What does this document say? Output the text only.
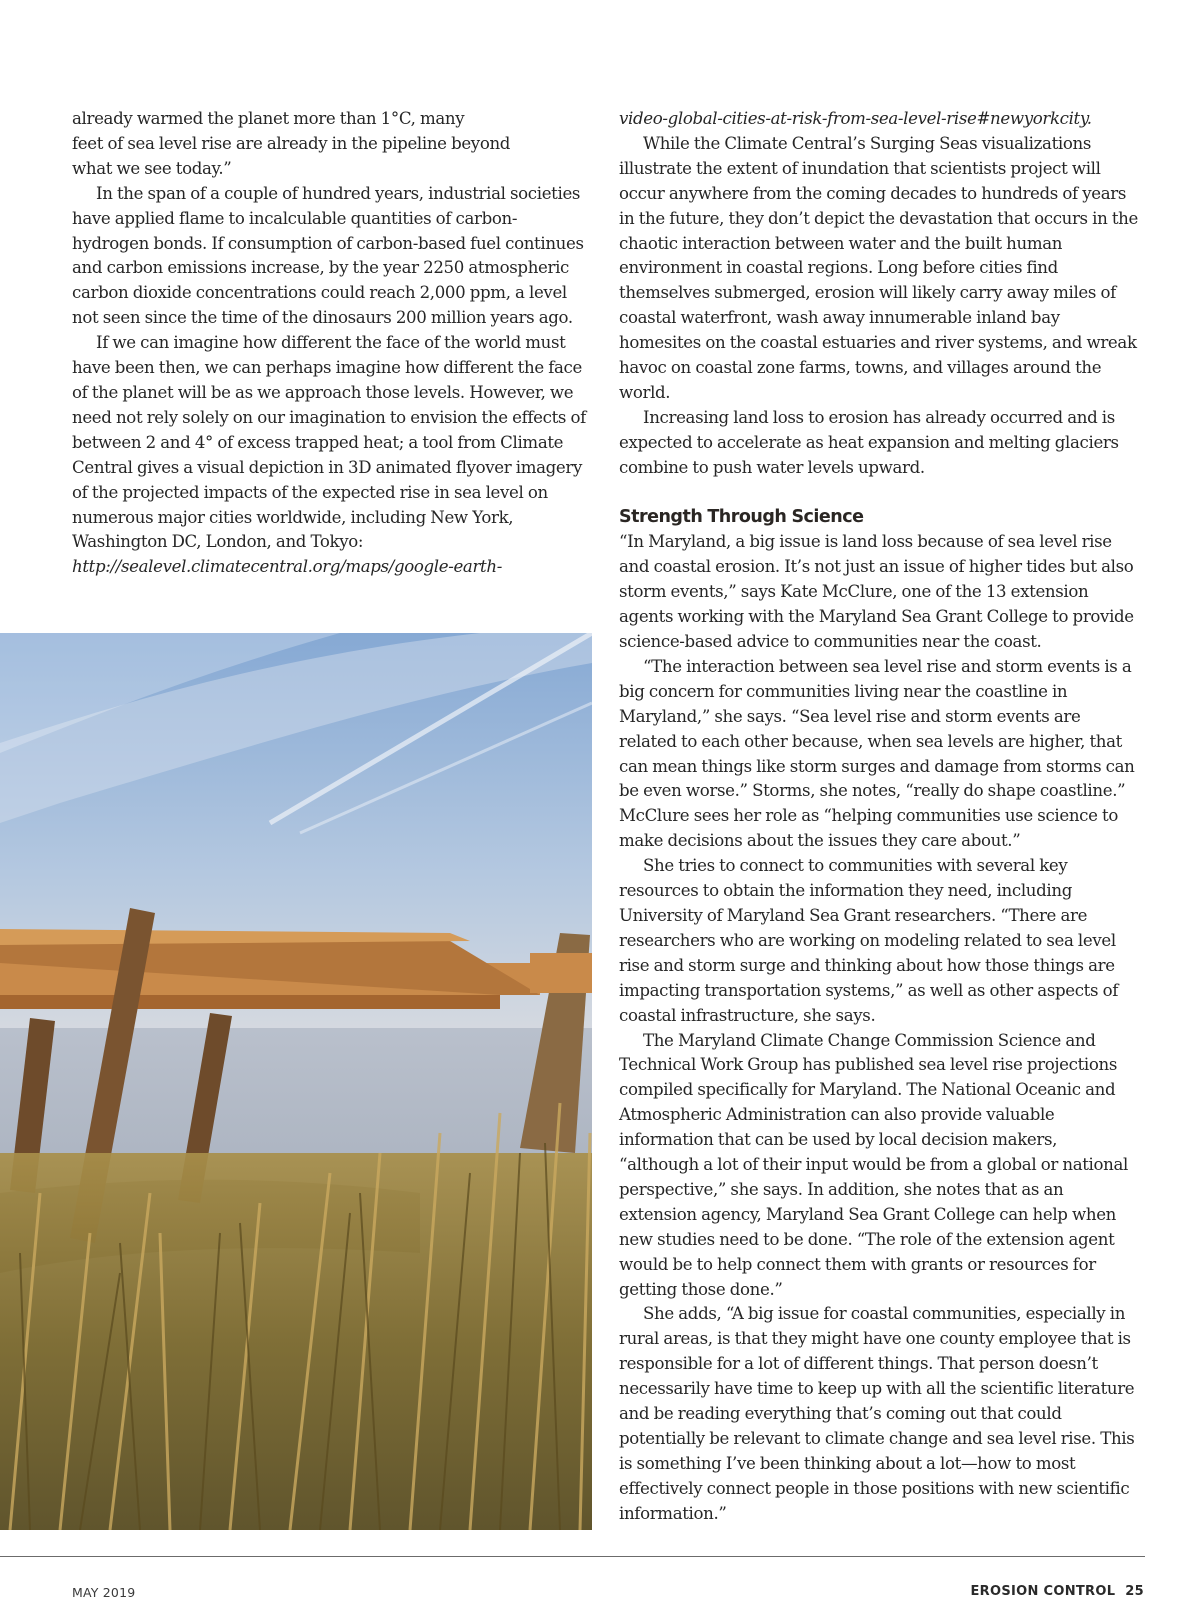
already warmed the planet more than 1°C, many
feet of sea level rise are already in the pipeline beyond
what we see today.”

In the span of a couple of hundred years, industrial societies have applied flame to incalculable quantities of carbon-hydrogen bonds. If consumption of carbon-based fuel continues and carbon emissions increase, by the year 2250 atmospheric carbon dioxide concentrations could reach 2,000 ppm, a level not seen since the time of the dinosaurs 200 million years ago.

If we can imagine how different the face of the world must have been then, we can perhaps imagine how different the face of the planet will be as we approach those levels. However, we need not rely solely on our imagination to envision the effects of between 2 and 4° of excess trapped heat; a tool from Climate Central gives a visual depiction in 3D animated flyover imagery of the projected impacts of the expected rise in sea level on numerous major cities worldwide, including New York, Washington DC, London, and Tokyo: http://sealevel.climatecentral.org/maps/google-earth-

video-global-cities-at-risk-from-sea-level-rise#newyorkcity.

While the Climate Central’s Surging Seas visualizations illustrate the extent of inundation that scientists project will occur anywhere from the coming decades to hundreds of years in the future, they don’t depict the devastation that occurs in the chaotic interaction between water and the built human environment in coastal regions. Long before cities find themselves submerged, erosion will likely carry away miles of coastal waterfront, wash away innumerable inland bay homesites on the coastal estuaries and river systems, and wreak havoc on coastal zone farms, towns, and villages around the world.

Increasing land loss to erosion has already occurred and is expected to accelerate as heat expansion and melting glaciers combine to push water levels upward.

Strength Through Science

“In Maryland, a big issue is land loss because of sea level rise and coastal erosion. It’s not just an issue of higher tides but also storm events,” says Kate McClure, one of the 13 extension agents working with the Maryland Sea Grant College to provide science-based advice to communities near the coast.

“The interaction between sea level rise and storm events is a big concern for communities living near the coastline in Maryland,” she says. “Sea level rise and storm events are related to each other because, when sea levels are higher, that can mean things like storm surges and damage from storms can be even worse.” Storms, she notes, “really do shape coastline.” McClure sees her role as “helping communities use science to make decisions about the issues they care about.”

She tries to connect to communities with several key resources to obtain the information they need, including University of Maryland Sea Grant researchers. “There are researchers who are working on modeling related to sea level rise and storm surge and thinking about how those things are impacting transportation systems,” as well as other aspects of coastal infrastructure, she says.

The Maryland Climate Change Commission Science and Technical Work Group has published sea level rise projections compiled specifically for Maryland. The National Oceanic and Atmospheric Administration can also provide valuable information that can be used by local decision makers, “although a lot of their input would be from a global or national perspective,” she says. In addition, she notes that as an extension agency, Maryland Sea Grant College can help when new studies need to be done. “The role of the extension agent would be to help connect them with grants or resources for getting those done.”

She adds, “A big issue for coastal communities, especially in rural areas, is that they might have one county employee that is responsible for a lot of different things. That person doesn’t necessarily have time to keep up with all the scientific literature and be reading everything that’s coming out that could potentially be relevant to climate change and sea level rise. This is something I’ve been thinking about a lot—how to most effectively connect people in those positions with new scientific information.”

MAY 2019	EROSION CONTROL 25
